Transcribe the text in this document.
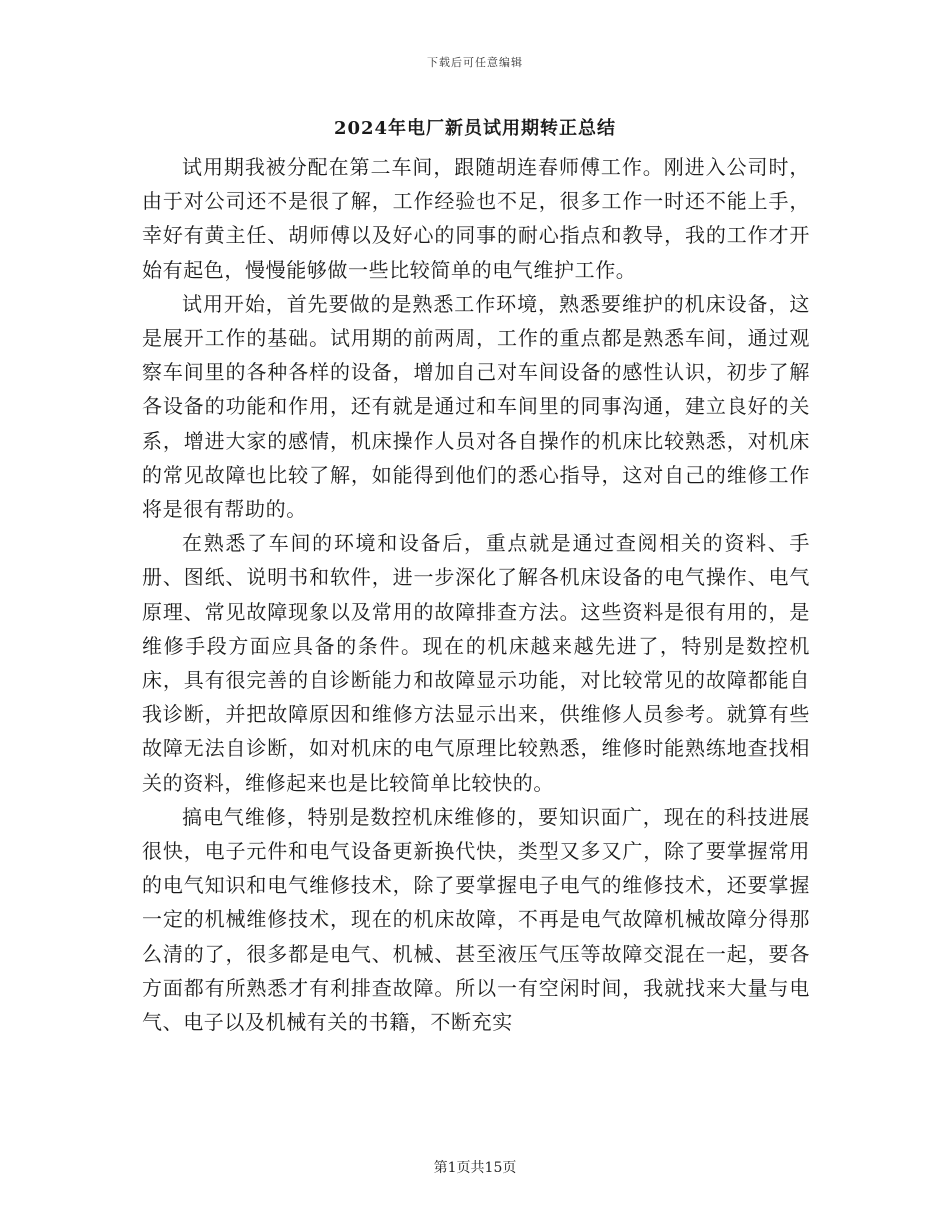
下载后可任意编辑
2024年电厂新员试用期转正总结

试用期我被分配在第二车间，跟随胡连春师傅工作。刚进入公司时，由于对公司还不是很了解，工作经验也不足，很多工作一时还不能上手，幸好有黄主任、胡师傅以及好心的同事的耐心指点和教导，我的工作才开始有起色，慢慢能够做一些比较简单的电气维护工作。

试用开始，首先要做的是熟悉工作环境，熟悉要维护的机床设备，这是展开工作的基础。试用期的前两周，工作的重点都是熟悉车间，通过观察车间里的各种各样的设备，增加自己对车间设备的感性认识，初步了解各设备的功能和作用，还有就是通过和车间里的同事沟通，建立良好的关系，增进大家的感情，机床操作人员对各自操作的机床比较熟悉，对机床的常见故障也比较了解，如能得到他们的悉心指导，这对自己的维修工作将是很有帮助的。

在熟悉了车间的环境和设备后，重点就是通过查阅相关的资料、手册、图纸、说明书和软件，进一步深化了解各机床设备的电气操作、电气原理、常见故障现象以及常用的故障排查方法。这些资料是很有用的，是维修手段方面应具备的条件。现在的机床越来越先进了，特别是数控机床，具有很完善的自诊断能力和故障显示功能，对比较常见的故障都能自我诊断，并把故障原因和维修方法显示出来，供维修人员参考。就算有些故障无法自诊断，如对机床的电气原理比较熟悉，维修时能熟练地查找相关的资料，维修起来也是比较简单比较快的。

搞电气维修，特别是数控机床维修的，要知识面广，现在的科技进展很快，电子元件和电气设备更新换代快，类型又多又广，除了要掌握常用的电气知识和电气维修技术，除了要掌握电子电气的维修技术，还要掌握一定的机械维修技术，现在的机床故障，不再是电气故障机械故障分得那么清的了，很多都是电气、机械、甚至液压气压等故障交混在一起，要各方面都有所熟悉才有利排查故障。所以一有空闲时间，我就找来大量与电气、电子以及机械有关的书籍，不断充实

第1页共15页
